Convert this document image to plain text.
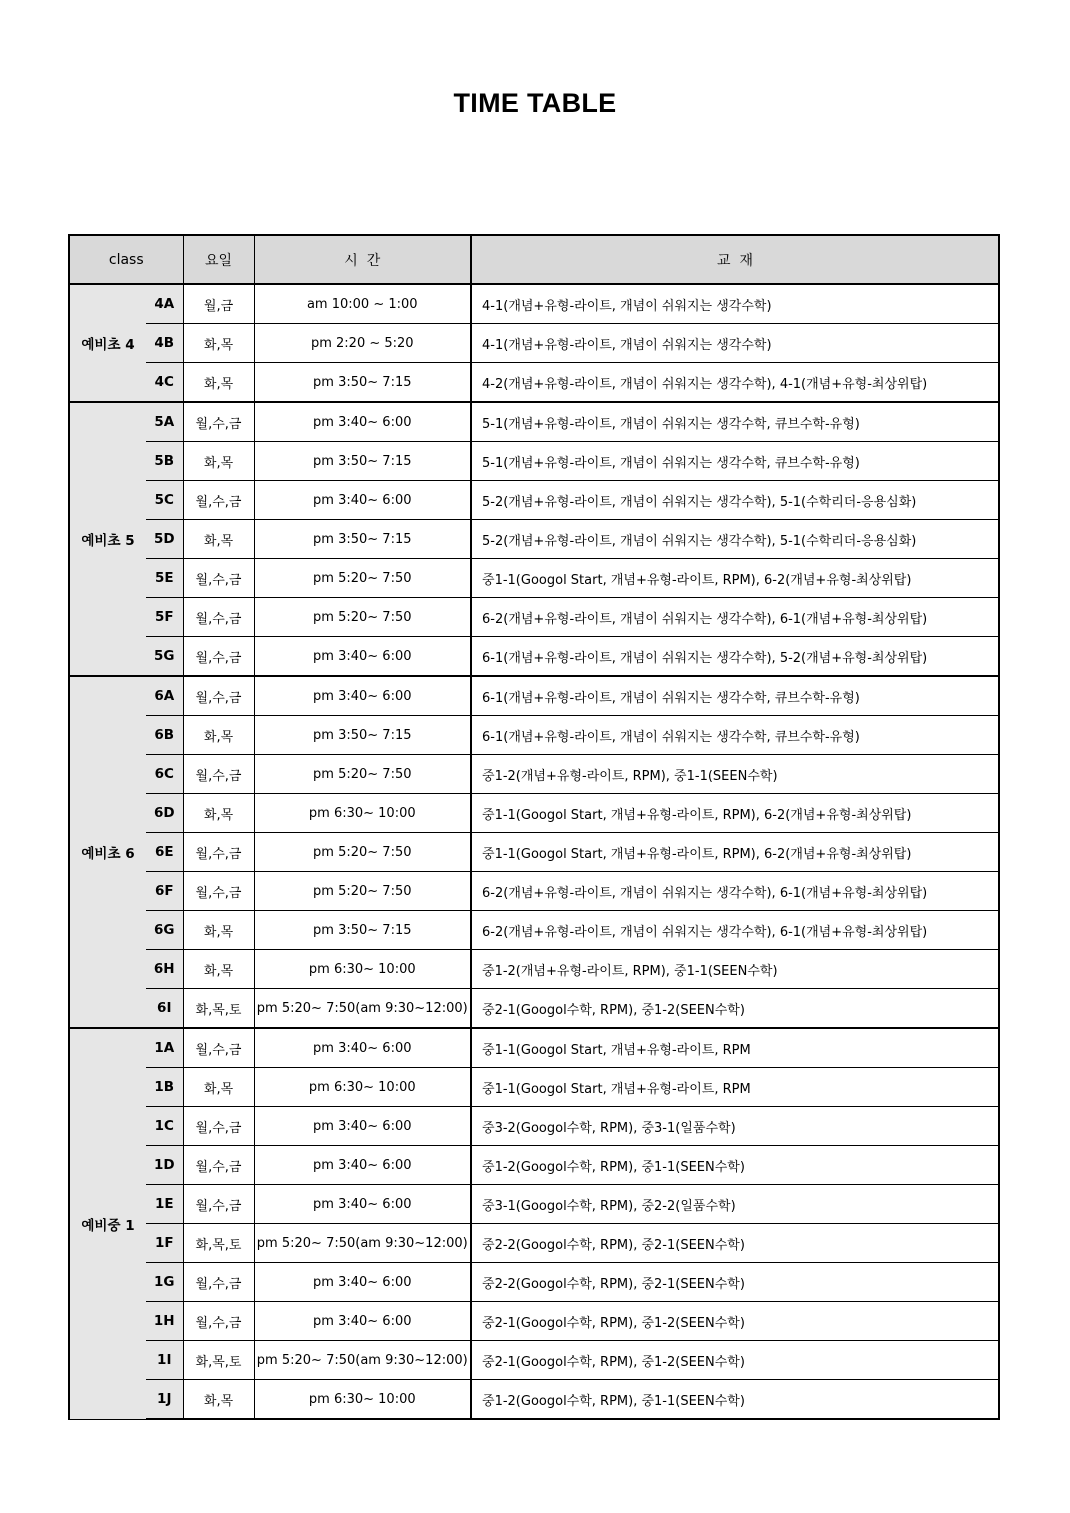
TIME TABLE
class		요일	시  간	교  재
예비초 4	4A	월,금	am 10:00 ~ 1:00	4-1(개념+유형-라이트, 개념이 쉬워지는 생각수학)
	4B	화,목	pm 2:20 ~ 5:20	4-1(개념+유형-라이트, 개념이 쉬워지는 생각수학)
	4C	화,목	pm 3:50~ 7:15	4-2(개념+유형-라이트, 개념이 쉬워지는 생각수학), 4-1(개념+유형-최상위탑)
예비초 5	5A	월,수,금	pm 3:40~ 6:00	5-1(개념+유형-라이트, 개념이 쉬워지는 생각수학, 큐브수학-유형)
	5B	화,목	pm 3:50~ 7:15	5-1(개념+유형-라이트, 개념이 쉬워지는 생각수학, 큐브수학-유형)
	5C	월,수,금	pm 3:40~ 6:00	5-2(개념+유형-라이트, 개념이 쉬워지는 생각수학), 5-1(수학리더-응용심화)
	5D	화,목	pm 3:50~ 7:15	5-2(개념+유형-라이트, 개념이 쉬워지는 생각수학), 5-1(수학리더-응용심화)
	5E	월,수,금	pm 5:20~ 7:50	중1-1(Googol Start, 개념+유형-라이트, RPM), 6-2(개념+유형-최상위탑)
	5F	월,수,금	pm 5:20~ 7:50	6-2(개념+유형-라이트, 개념이 쉬워지는 생각수학), 6-1(개념+유형-최상위탑)
	5G	월,수,금	pm 3:40~ 6:00	6-1(개념+유형-라이트, 개념이 쉬워지는 생각수학), 5-2(개념+유형-최상위탑)
예비초 6	6A	월,수,금	pm 3:40~ 6:00	6-1(개념+유형-라이트, 개념이 쉬워지는 생각수학, 큐브수학-유형)
	6B	화,목	pm 3:50~ 7:15	6-1(개념+유형-라이트, 개념이 쉬워지는 생각수학, 큐브수학-유형)
	6C	월,수,금	pm 5:20~ 7:50	중1-2(개념+유형-라이트, RPM), 중1-1(SEEN수학)
	6D	화,목	pm 6:30~ 10:00	중1-1(Googol Start, 개념+유형-라이트, RPM), 6-2(개념+유형-최상위탑)
	6E	월,수,금	pm 5:20~ 7:50	중1-1(Googol Start, 개념+유형-라이트, RPM), 6-2(개념+유형-최상위탑)
	6F	월,수,금	pm 5:20~ 7:50	6-2(개념+유형-라이트, 개념이 쉬워지는 생각수학), 6-1(개념+유형-최상위탑)
	6G	화,목	pm 3:50~ 7:15	6-2(개념+유형-라이트, 개념이 쉬워지는 생각수학), 6-1(개념+유형-최상위탑)
	6H	화,목	pm 6:30~ 10:00	중1-2(개념+유형-라이트, RPM), 중1-1(SEEN수학)
	6I	화,목,토	pm 5:20~ 7:50(am 9:30~12:00)	중2-1(Googol수학, RPM), 중1-2(SEEN수학)
예비중 1	1A	월,수,금	pm 3:40~ 6:00	중1-1(Googol Start, 개념+유형-라이트, RPM
	1B	화,목	pm 6:30~ 10:00	중1-1(Googol Start, 개념+유형-라이트, RPM
	1C	월,수,금	pm 3:40~ 6:00	중3-2(Googol수학, RPM), 중3-1(일품수학)
	1D	월,수,금	pm 3:40~ 6:00	중1-2(Googol수학, RPM), 중1-1(SEEN수학)
	1E	월,수,금	pm 3:40~ 6:00	중3-1(Googol수학, RPM), 중2-2(일품수학)
	1F	화,목,토	pm 5:20~ 7:50(am 9:30~12:00)	중2-2(Googol수학, RPM), 중2-1(SEEN수학)
	1G	월,수,금	pm 3:40~ 6:00	중2-2(Googol수학, RPM), 중2-1(SEEN수학)
	1H	월,수,금	pm 3:40~ 6:00	중2-1(Googol수학, RPM), 중1-2(SEEN수학)
	1I	화,목,토	pm 5:20~ 7:50(am 9:30~12:00)	중2-1(Googol수학, RPM), 중1-2(SEEN수학)
	1J	화,목	pm 6:30~ 10:00	중1-2(Googol수학, RPM), 중1-1(SEEN수학)
